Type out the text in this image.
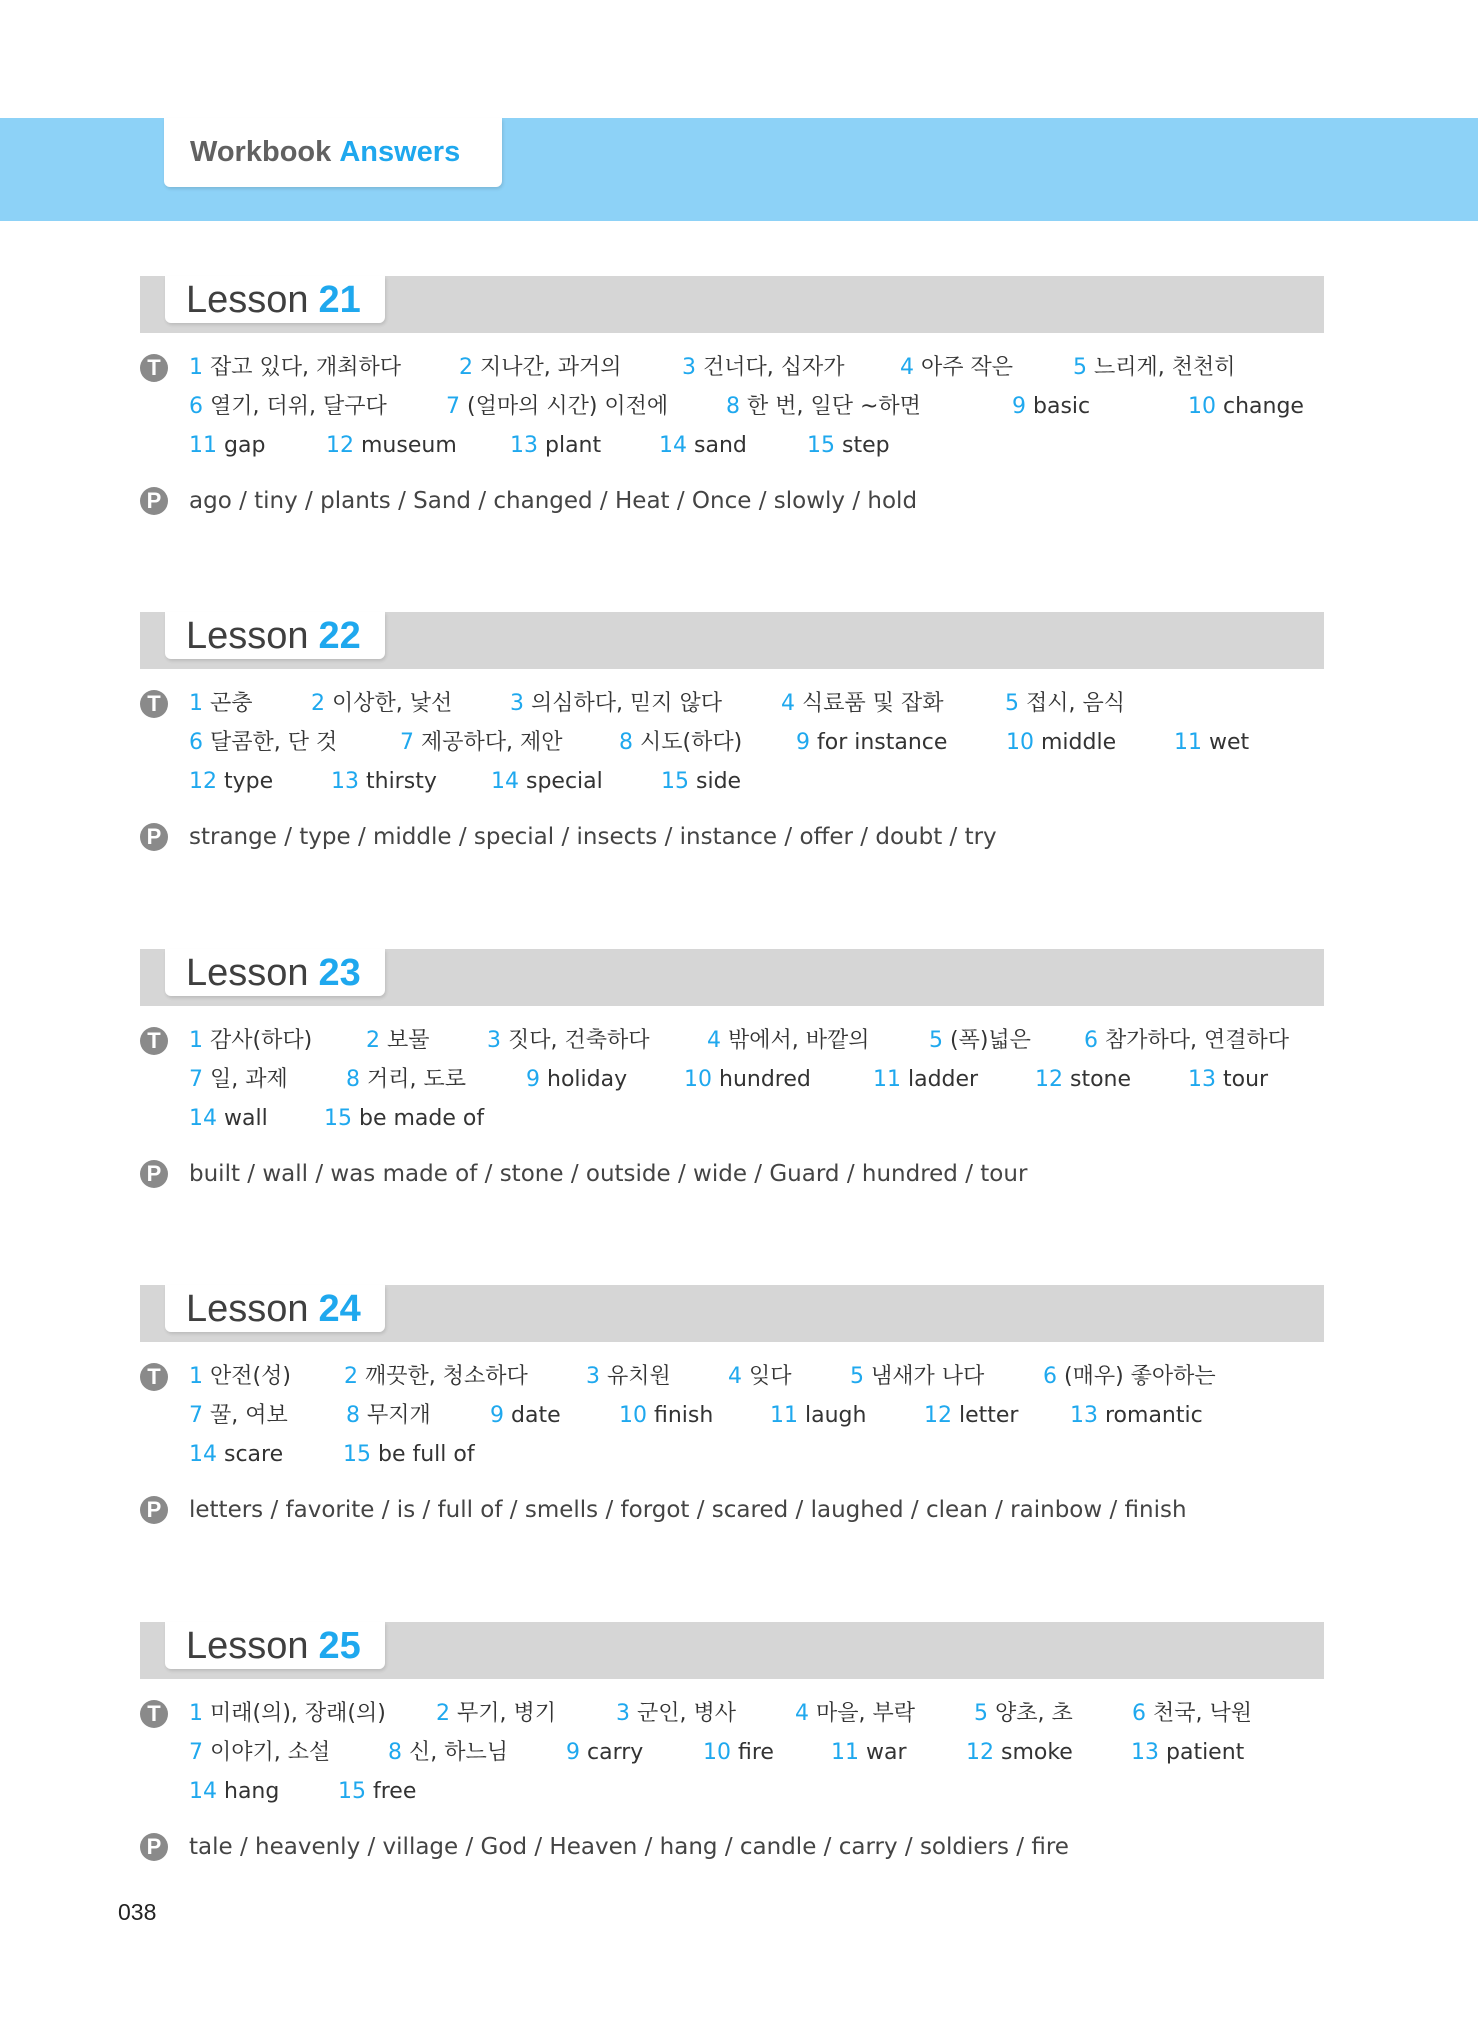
Workbook
Answers
Lesson 21
T	1 잡고 있다, 개최하다	2 지나간, 과거의	3 건너다, 십자가	4 아주 작은	5 느리게, 천천히
6 열기, 더위, 달구다	7 (얼마의 시간) 이전에	8 한 번, 일단 ~하면	9 basic	10 change
11 gap	12 museum 13 plant	14 sand	15 step
P ago / tiny / plants / Sand / changed / Heat / Once / slowly / hold
Lesson 22
T	1 곤충	2 이상한, 낯선	3 의심하다, 믿지 않다	4 식료품 및 잡화	5 접시, 음식
6 달콤한, 단 것	7 제공하다, 제안	8 시도(하다) 9 for instance	10 middle	11 wet
12 type	13 thirsty 14 special	15 side
P strange / type / middle / special / insects / instance / offer / doubt / try
Lesson 23
T	1 감사(하다) 2 보물	3 짓다, 건축하다	4 밖에서, 바깥의	5 (폭)넓은 6 참가하다, 연결하다
7 일, 과제	8 거리, 도로	9 holiday	10 hundred	11 ladder	12 stone	13 tour
14 wall	15 be made of
P built / wall / was made of / stone / outside / wide / Guard / hundred / tour
Lesson 24
T	1 안전(성) 2 깨끗한, 청소하다	3 유치원	4 잊다	5 냄새가 나다	6 (매우) 좋아하는
7 꿀, 여보	8 무지개	9 date	10 finish	11 laugh	12 letter 13 romantic
14 scare	15 be full of
P letters / favorite / is / full of / smells / forgot / scared / laughed / clean / rainbow / finish
Lesson 25
T	1 미래(의), 장래(의) 2 무기, 병기	3 군인, 병사	4 마을, 부락	5 양초, 초	6 천국, 낙원
7 이야기, 소설	8 신, 하느님	9 carry	10 fire	11 war	12 smoke	13 patient
14 hang	15 free
P tale / heavenly / village / God / Heaven / hang / candle / carry / soldiers / fire
038
